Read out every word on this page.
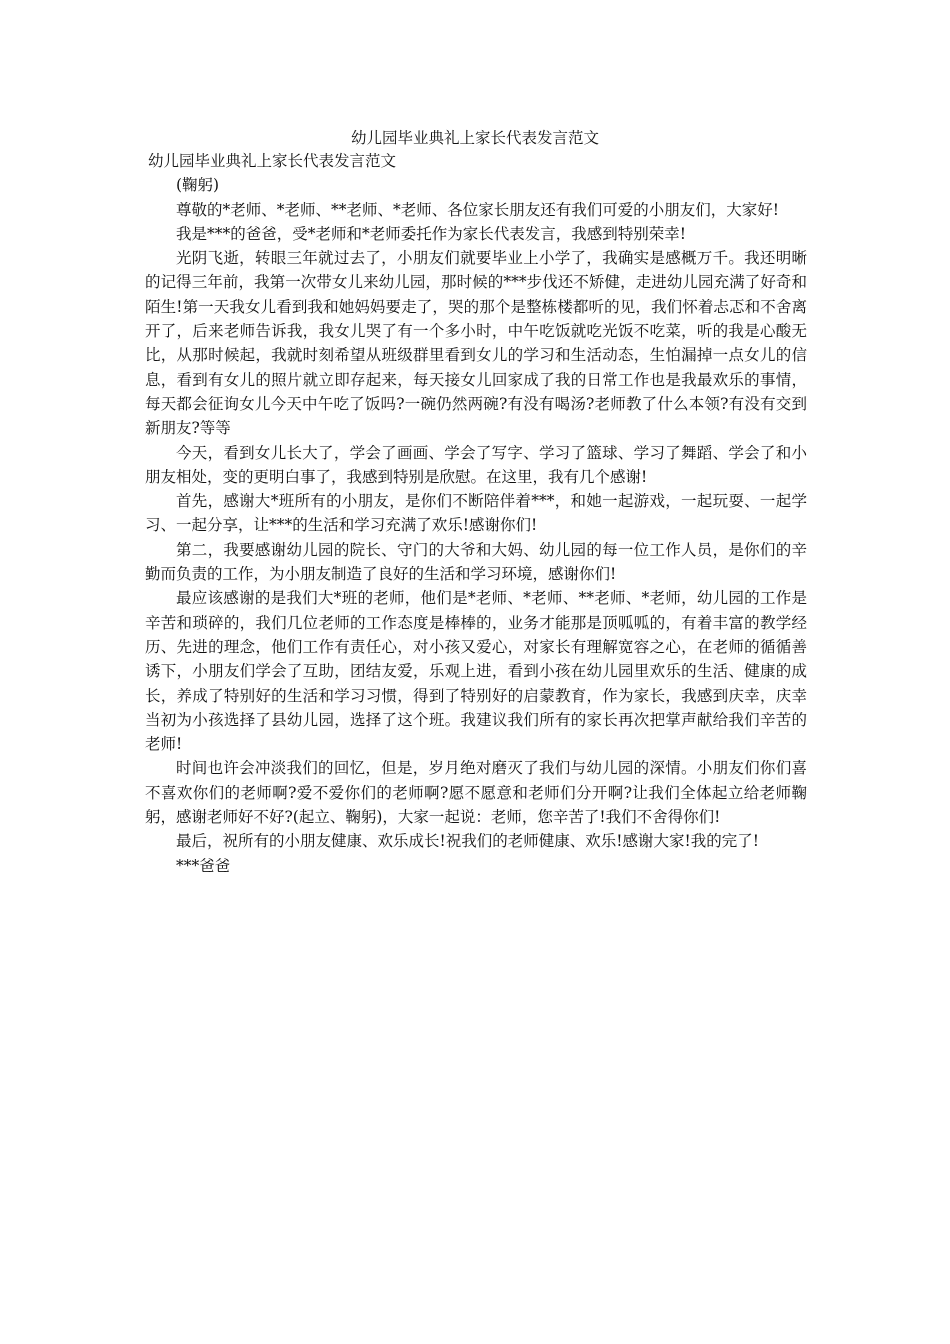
幼儿园毕业典礼上家长代表发言范文

幼儿园毕业典礼上家长代表发言范文

(鞠躬)

尊敬的*老师、*老师、**老师、*老师、各位家长朋友还有我们可爱的小朋友们，大家好!

我是***的爸爸，受*老师和*老师委托作为家长代表发言，我感到特别荣幸!

光阴飞逝，转眼三年就过去了，小朋友们就要毕业上小学了，我确实是感概万千。我还明晰的记得三年前，我第一次带女儿来幼儿园，那时候的***步伐还不矫健，走进幼儿园充满了好奇和陌生!第一天我女儿看到我和她妈妈要走了，哭的那个是整栋楼都听的见，我们怀着忐忑和不舍离开了，后来老师告诉我，我女儿哭了有一个多小时，中午吃饭就吃光饭不吃菜，听的我是心酸无比，从那时候起，我就时刻希望从班级群里看到女儿的学习和生活动态，生怕漏掉一点女儿的信息，看到有女儿的照片就立即存起来，每天接女儿回家成了我的日常工作也是我最欢乐的事情，每天都会征询女儿今天中午吃了饭吗?一碗仍然两碗?有没有喝汤?老师教了什么本领?有没有交到新朋友?等等

今天，看到女儿长大了，学会了画画、学会了写字、学习了篮球、学习了舞蹈、学会了和小朋友相处，变的更明白事了，我感到特别是欣慰。在这里，我有几个感谢!

首先，感谢大*班所有的小朋友，是你们不断陪伴着***，和她一起游戏，一起玩耍、一起学习、一起分享，让***的生活和学习充满了欢乐!感谢你们!

第二，我要感谢幼儿园的院长、守门的大爷和大妈、幼儿园的每一位工作人员，是你们的辛勤而负责的工作，为小朋友制造了良好的生活和学习环境，感谢你们!

最应该感谢的是我们大*班的老师，他们是*老师、*老师、**老师、*老师，幼儿园的工作是辛苦和琐碎的，我们几位老师的工作态度是棒棒的，业务才能那是顶呱呱的，有着丰富的教学经历、先进的理念，他们工作有责任心，对小孩又爱心，对家长有理解宽容之心，在老师的循循善诱下，小朋友们学会了互助，团结友爱，乐观上进，看到小孩在幼儿园里欢乐的生活、健康的成长，养成了特别好的生活和学习习惯，得到了特别好的启蒙教育，作为家长，我感到庆幸，庆幸当初为小孩选择了县幼儿园，选择了这个班。我建议我们所有的家长再次把掌声献给我们辛苦的老师!

时间也许会冲淡我们的回忆，但是，岁月绝对磨灭了我们与幼儿园的深情。小朋友们你们喜不喜欢你们的老师啊?爱不爱你们的老师啊?愿不愿意和老师们分开啊?让我们全体起立给老师鞠躬，感谢老师好不好?(起立、鞠躬)，大家一起说：老师，您辛苦了!我们不舍得你们!

最后，祝所有的小朋友健康、欢乐成长!祝我们的老师健康、欢乐!感谢大家!我的完了!

***爸爸
